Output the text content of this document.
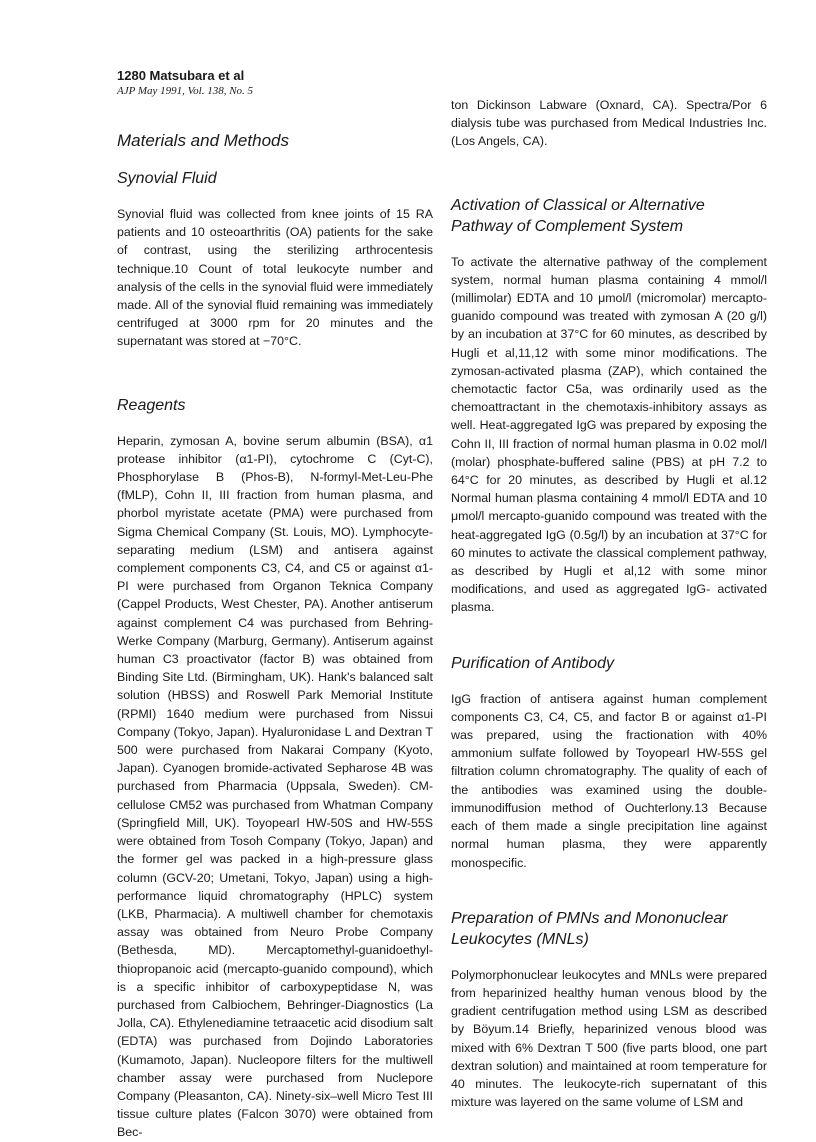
1280 Matsubara et al
AJP May 1991, Vol. 138, No. 5
Materials and Methods
Synovial Fluid

Synovial fluid was collected from knee joints of 15 RA patients and 10 osteoarthritis (OA) patients for the sake of contrast, using the sterilizing arthrocentesis technique.10 Count of total leukocyte number and analysis of the cells in the synovial fluid were immediately made. All of the synovial fluid remaining was immediately centrifuged at 3000 rpm for 20 minutes and the supernatant was stored at −70°C.

Reagents

Heparin, zymosan A, bovine serum albumin (BSA), α1 protease inhibitor (α1-PI), cytochrome C (Cyt-C), Phosphorylase B (Phos-B), N-formyl-Met-Leu-Phe (fMLP), Cohn II, III fraction from human plasma, and phorbol myristate acetate (PMA) were purchased from Sigma Chemical Company (St. Louis, MO). Lymphocyte-separating medium (LSM) and antisera against complement components C3, C4, and C5 or against α1-PI were purchased from Organon Teknica Company (Cappel Products, West Chester, PA). Another antiserum against complement C4 was purchased from Behring-Werke Company (Marburg, Germany). Antiserum against human C3 proactivator (factor B) was obtained from Binding Site Ltd. (Birmingham, UK). Hank's balanced salt solution (HBSS) and Roswell Park Memorial Institute (RPMI) 1640 medium were purchased from Nissui Company (Tokyo, Japan). Hyaluronidase L and Dextran T 500 were purchased from Nakarai Company (Kyoto, Japan). Cyanogen bromide-activated Sepharose 4B was purchased from Pharmacia (Uppsala, Sweden). CM-cellulose CM52 was purchased from Whatman Company (Springfield Mill, UK). Toyopearl HW-50S and HW-55S were obtained from Tosoh Company (Tokyo, Japan) and the former gel was packed in a high-pressure glass column (GCV-20; Umetani, Tokyo, Japan) using a high-performance liquid chromatography (HPLC) system (LKB, Pharmacia). A multiwell chamber for chemotaxis assay was obtained from Neuro Probe Company (Bethesda, MD). Mercaptomethyl-guanidoethyl-thiopropanoic acid (mercapto-guanido compound), which is a specific inhibitor of carboxypeptidase N, was purchased from Calbiochem, Behringer-Diagnostics (La Jolla, CA). Ethylenediamine tetraacetic acid disodium salt (EDTA) was purchased from Dojindo Laboratories (Kumamoto, Japan). Nucleopore filters for the multiwell chamber assay were purchased from Nuclepore Company (Pleasanton, CA). Ninety-six–well Micro Test III tissue culture plates (Falcon 3070) were obtained from Bec-

ton Dickinson Labware (Oxnard, CA). Spectra/Por 6 dialysis tube was purchased from Medical Industries Inc. (Los Angels, CA).

Activation of Classical or Alternative Pathway of Complement System

To activate the alternative pathway of the complement system, normal human plasma containing 4 mmol/l (millimolar) EDTA and 10 μmol/l (micromolar) mercapto-guanido compound was treated with zymosan A (20 g/l) by an incubation at 37°C for 60 minutes, as described by Hugli et al,11,12 with some minor modifications. The zymosan-activated plasma (ZAP), which contained the chemotactic factor C5a, was ordinarily used as the chemoattractant in the chemotaxis-inhibitory assays as well. Heat-aggregated IgG was prepared by exposing the Cohn II, III fraction of normal human plasma in 0.02 mol/l (molar) phosphate-buffered saline (PBS) at pH 7.2 to 64°C for 20 minutes, as described by Hugli et al.12 Normal human plasma containing 4 mmol/l EDTA and 10 μmol/l mercapto-guanido compound was treated with the heat-aggregated IgG (0.5g/l) by an incubation at 37°C for 60 minutes to activate the classical complement pathway, as described by Hugli et al,12 with some minor modifications, and used as aggregated IgG- activated plasma.

Purification of Antibody

IgG fraction of antisera against human complement components C3, C4, C5, and factor B or against α1-PI was prepared, using the fractionation with 40% ammonium sulfate followed by Toyopearl HW-55S gel filtration column chromatography. The quality of each of the antibodies was examined using the double-immunodiffusion method of Ouchterlony.13 Because each of them made a single precipitation line against normal human plasma, they were apparently monospecific.

Preparation of PMNs and Mononuclear Leukocytes (MNLs)

Polymorphonuclear leukocytes and MNLs were prepared from heparinized healthy human venous blood by the gradient centrifugation method using LSM as described by Böyum.14 Briefly, heparinized venous blood was mixed with 6% Dextran T 500 (five parts blood, one part dextran solution) and maintained at room temperature for 40 minutes. The leukocyte-rich supernatant of this mixture was layered on the same volume of LSM and
